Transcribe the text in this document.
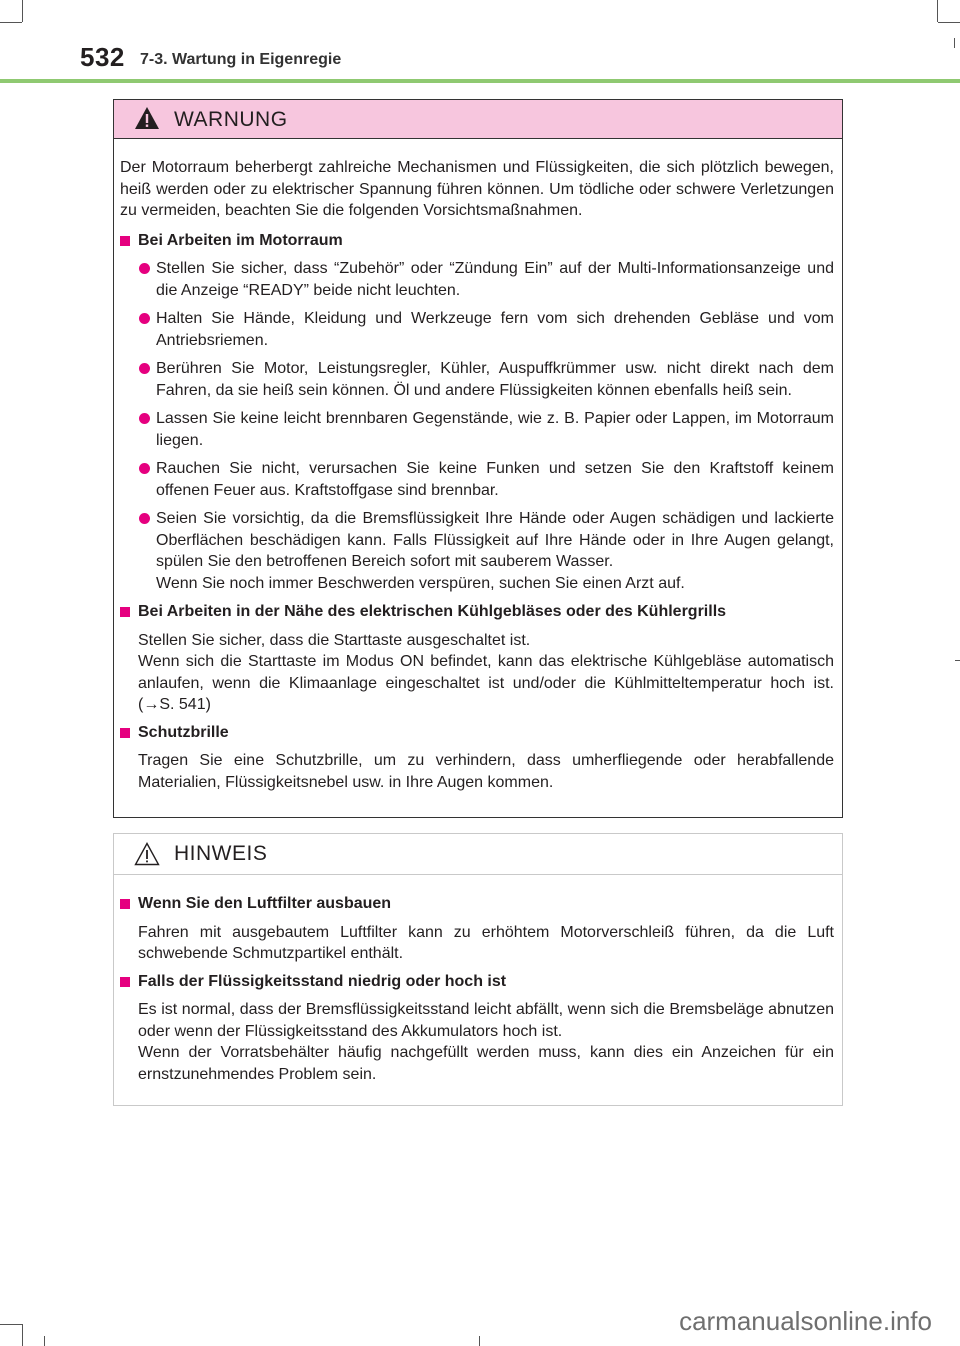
532 7-3. Wartung in Eigenregie
WARNUNG

Der Motorraum beherbergt zahlreiche Mechanismen und Flüssigkeiten, die sich plötzlich bewegen, heiß werden oder zu elektrischer Spannung führen können. Um tödliche oder schwere Verletzungen zu vermeiden, beachten Sie die folgenden Vorsichtsmaßnahmen.

Bei Arbeiten im Motorraum
Stellen Sie sicher, dass “Zubehör” oder “Zündung Ein” auf der Multi-Informationsanzeige und die Anzeige “READY” beide nicht leuchten.
Halten Sie Hände, Kleidung und Werkzeuge fern vom sich drehenden Gebläse und vom Antriebsriemen.
Berühren Sie Motor, Leistungsregler, Kühler, Auspuffkrümmer usw. nicht direkt nach dem Fahren, da sie heiß sein können. Öl und andere Flüssigkeiten können ebenfalls heiß sein.
Lassen Sie keine leicht brennbaren Gegenstände, wie z. B. Papier oder Lappen, im Motorraum liegen.
Rauchen Sie nicht, verursachen Sie keine Funken und setzen Sie den Kraftstoff keinem offenen Feuer aus. Kraftstoffgase sind brennbar.
Seien Sie vorsichtig, da die Bremsflüssigkeit Ihre Hände oder Augen schädigen und lackierte Oberflächen beschädigen kann. Falls Flüssigkeit auf Ihre Hände oder in Ihre Augen gelangt, spülen Sie den betroffenen Bereich sofort mit sauberem Wasser.
Wenn Sie noch immer Beschwerden verspüren, suchen Sie einen Arzt auf.
Bei Arbeiten in der Nähe des elektrischen Kühlgebläses oder des Kühlergrills
Stellen Sie sicher, dass die Starttaste ausgeschaltet ist.
Wenn sich die Starttaste im Modus ON befindet, kann das elektrische Kühlgebläse automatisch anlaufen, wenn die Klimaanlage eingeschaltet ist und/oder die Kühlmitteltemperatur hoch ist. (→S. 541)
Schutzbrille
Tragen Sie eine Schutzbrille, um zu verhindern, dass umherfliegende oder herabfallende Materialien, Flüssigkeitsnebel usw. in Ihre Augen kommen.
HINWEIS
Wenn Sie den Luftfilter ausbauen
Fahren mit ausgebautem Luftfilter kann zu erhöhtem Motorverschleiß führen, da die Luft schwebende Schmutzpartikel enthält.
Falls der Flüssigkeitsstand niedrig oder hoch ist
Es ist normal, dass der Bremsflüssigkeitsstand leicht abfällt, wenn sich die Bremsbeläge abnutzen oder wenn der Flüssigkeitsstand des Akkumulators hoch ist.
Wenn der Vorratsbehälter häufig nachgefüllt werden muss, kann dies ein Anzeichen für ein ernstzunehmendes Problem sein.
carmanualsonline.info
